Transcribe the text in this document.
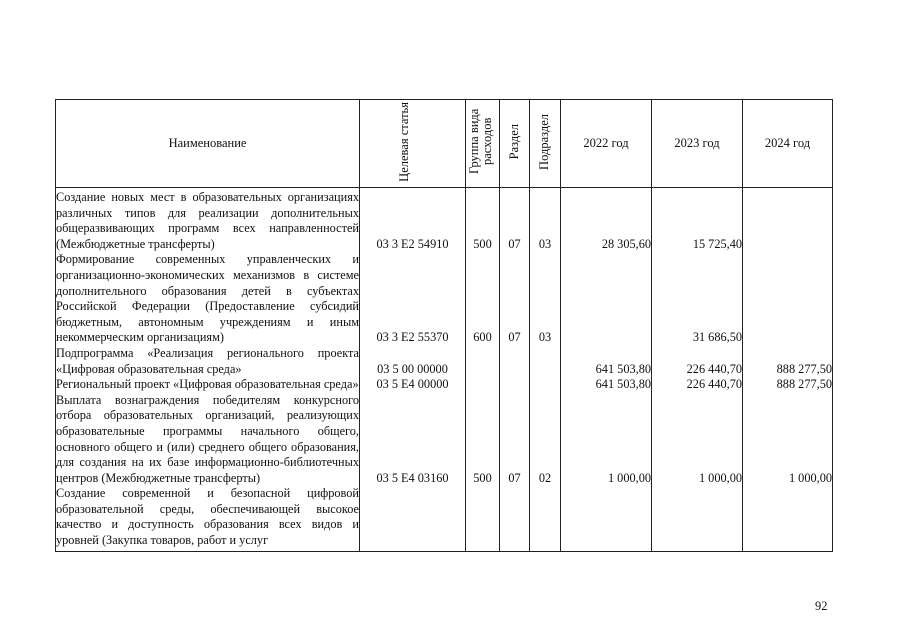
Наименование	Целевая статья	Группа вида расходов	Раздел	Подраздел	2022 год	2023 год	2024 год
Создание новых мест в образовательных организациях различных типов для реализации дополнительных общеразвивающих программ всех направленностей (Межбюджетные трансферты)	03 3 E2 54910	500	07	03	28 305,60	15 725,40	
Формирование современных управленческих и организационно-экономических механизмов в системе дополнительного образования детей в субъектах Российской Федерации (Предоставление субсидий бюджетным, автономным учреждениям и иным некоммерческим организациям)	03 3 E2 55370	600	07	03		31 686,50	
Подпрограмма «Реализация регионального проекта «Цифровая образовательная среда»	03 5 00 00000				641 503,80	226 440,70	888 277,50
Региональный проект «Цифровая образовательная среда»	03 5 E4 00000				641 503,80	226 440,70	888 277,50
Выплата вознаграждения победителям конкурсного отбора образовательных организаций, реализующих образовательные программы начального общего, основного общего и (или) среднего общего образования, для создания на их базе информационно-библиотечных центров (Межбюджетные трансферты)	03 5 E4 03160	500	07	02	1 000,00	1 000,00	1 000,00
Создание современной и безопасной цифровой образовательной среды, обеспечивающей высокое качество и доступность образования всех видов и уровней (Закупка товаров, работ и услуг							
92
